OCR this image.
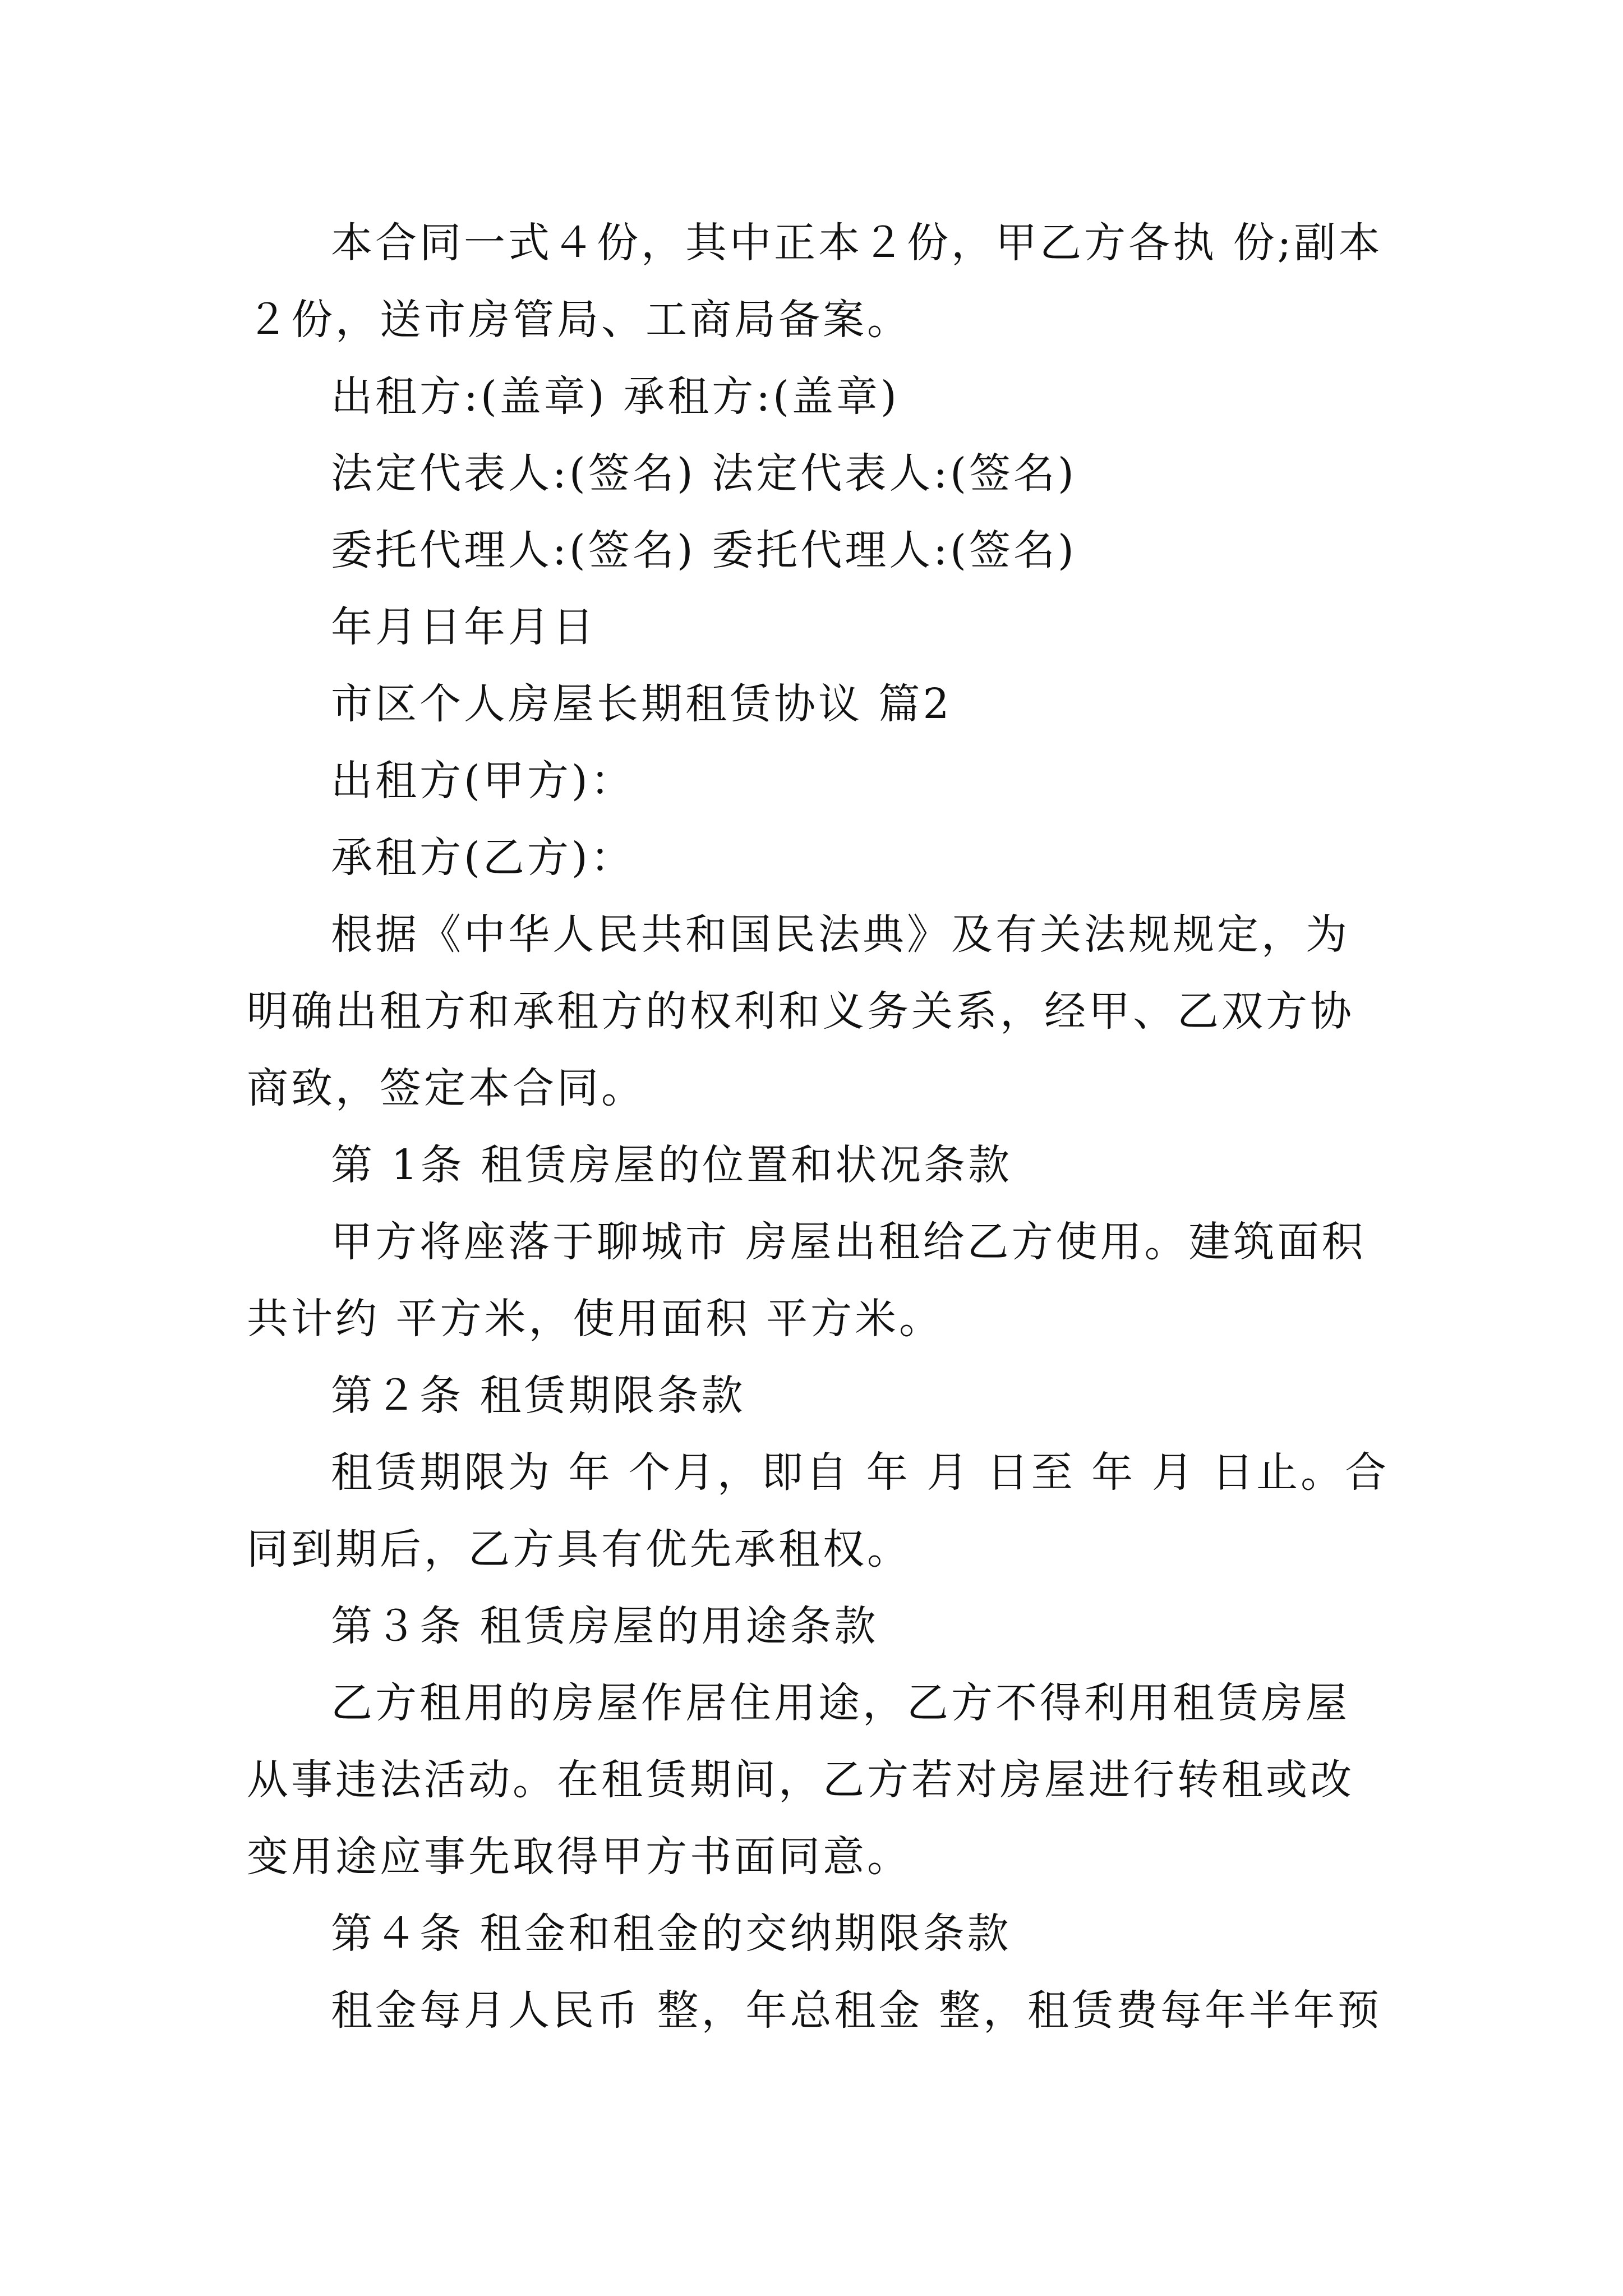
本合同一式４份，其中正本２份，甲乙方各执 份;副本２份，送市房管局、工商局备案。

出租方:(盖章) 承租方:(盖章)

法定代表人:(签名) 法定代表人:(签名)

委托代理人:(签名) 委托代理人:(签名)

年月日年月日

市区个人房屋长期租赁协议 篇2

出租方(甲方)：

承租方(乙方)：

根据《中华人民共和国民法典》及有关法规规定，为明确出租方和承租方的权利和义务关系，经甲、乙双方协商致，签定本合同。

第 1条 租赁房屋的位置和状况条款

甲方将座落于聊城市 房屋出租给乙方使用。建筑面积共计约 平方米，使用面积 平方米。

第２条 租赁期限条款

租赁期限为 年 个月，即自 年 月 日至 年 月 日止。合同到期后，乙方具有优先承租权。

第３条 租赁房屋的用途条款

乙方租用的房屋作居住用途，乙方不得利用租赁房屋从事违法活动。在租赁期间，乙方若对房屋进行转租或改变用途应事先取得甲方书面同意。

第４条 租金和租金的交纳期限条款

租金每月人民币 整，年总租金 整，租赁费每年半年预
